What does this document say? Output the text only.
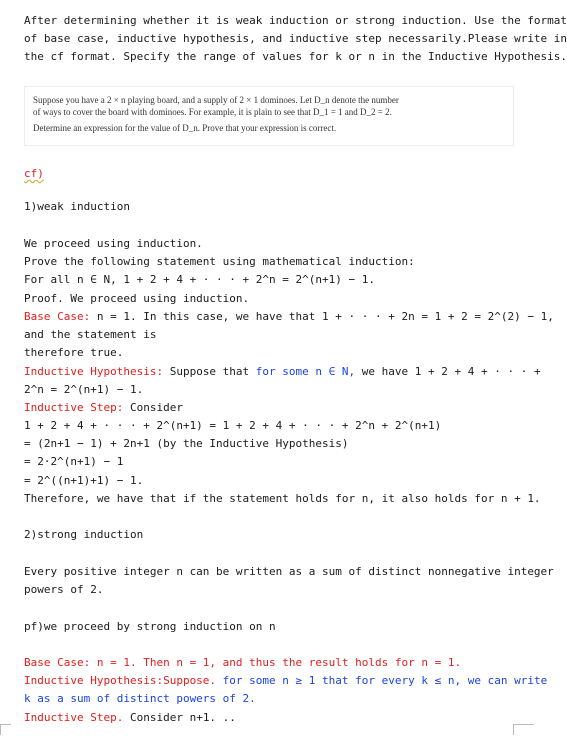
After determining whether it is weak induction or strong induction. Use the format
of base case, inductive hypothesis, and inductive step necessarily.Please write in
the cf format. Specify the range of values for k or n in the Inductive Hypothesis.
Suppose you have a 2 × n playing board, and a supply of 2 × 1 dominoes. Let D_n denote the number
of ways to cover the board with dominoes. For example, it is plain to see that D_1 = 1 and D_2 = 2.
Determine an expression for the value of D_n. Prove that your expression is correct.
cf)
1)weak induction
We proceed using induction.
Prove the following statement using mathematical induction:
For all n ∈ N, 1 + 2 + 4 + · · · + 2^n = 2^(n+1) − 1.
Proof. We proceed using induction.
Base Case: n = 1. In this case, we have that 1 + · · · + 2n = 1 + 2 = 2^(2) − 1,
and the statement is
therefore true.
Inductive Hypothesis: Suppose that for some n ∈ N, we have 1 + 2 + 4 + · · · +
2^n = 2^(n+1) − 1.
Inductive Step: Consider
1 + 2 + 4 + · · · + 2^(n+1) = 1 + 2 + 4 + · · · + 2^n + 2^(n+1)
= (2n+1 − 1) + 2n+1 (by the Inductive Hypothesis)
= 2·2^(n+1) − 1
= 2^((n+1)+1) − 1.
Therefore, we have that if the statement holds for n, it also holds for n + 1.
2)strong induction
Every positive integer n can be written as a sum of distinct nonnegative integer
powers of 2.
pf)we proceed by strong induction on n
Base Case: n = 1. Then n = 1, and thus the result holds for n = 1.
Inductive Hypothesis:Suppose. for some n ≥ 1 that for every k ≤ n, we can write
k as a sum of distinct powers of 2.
Inductive Step. Consider n+1. ..
